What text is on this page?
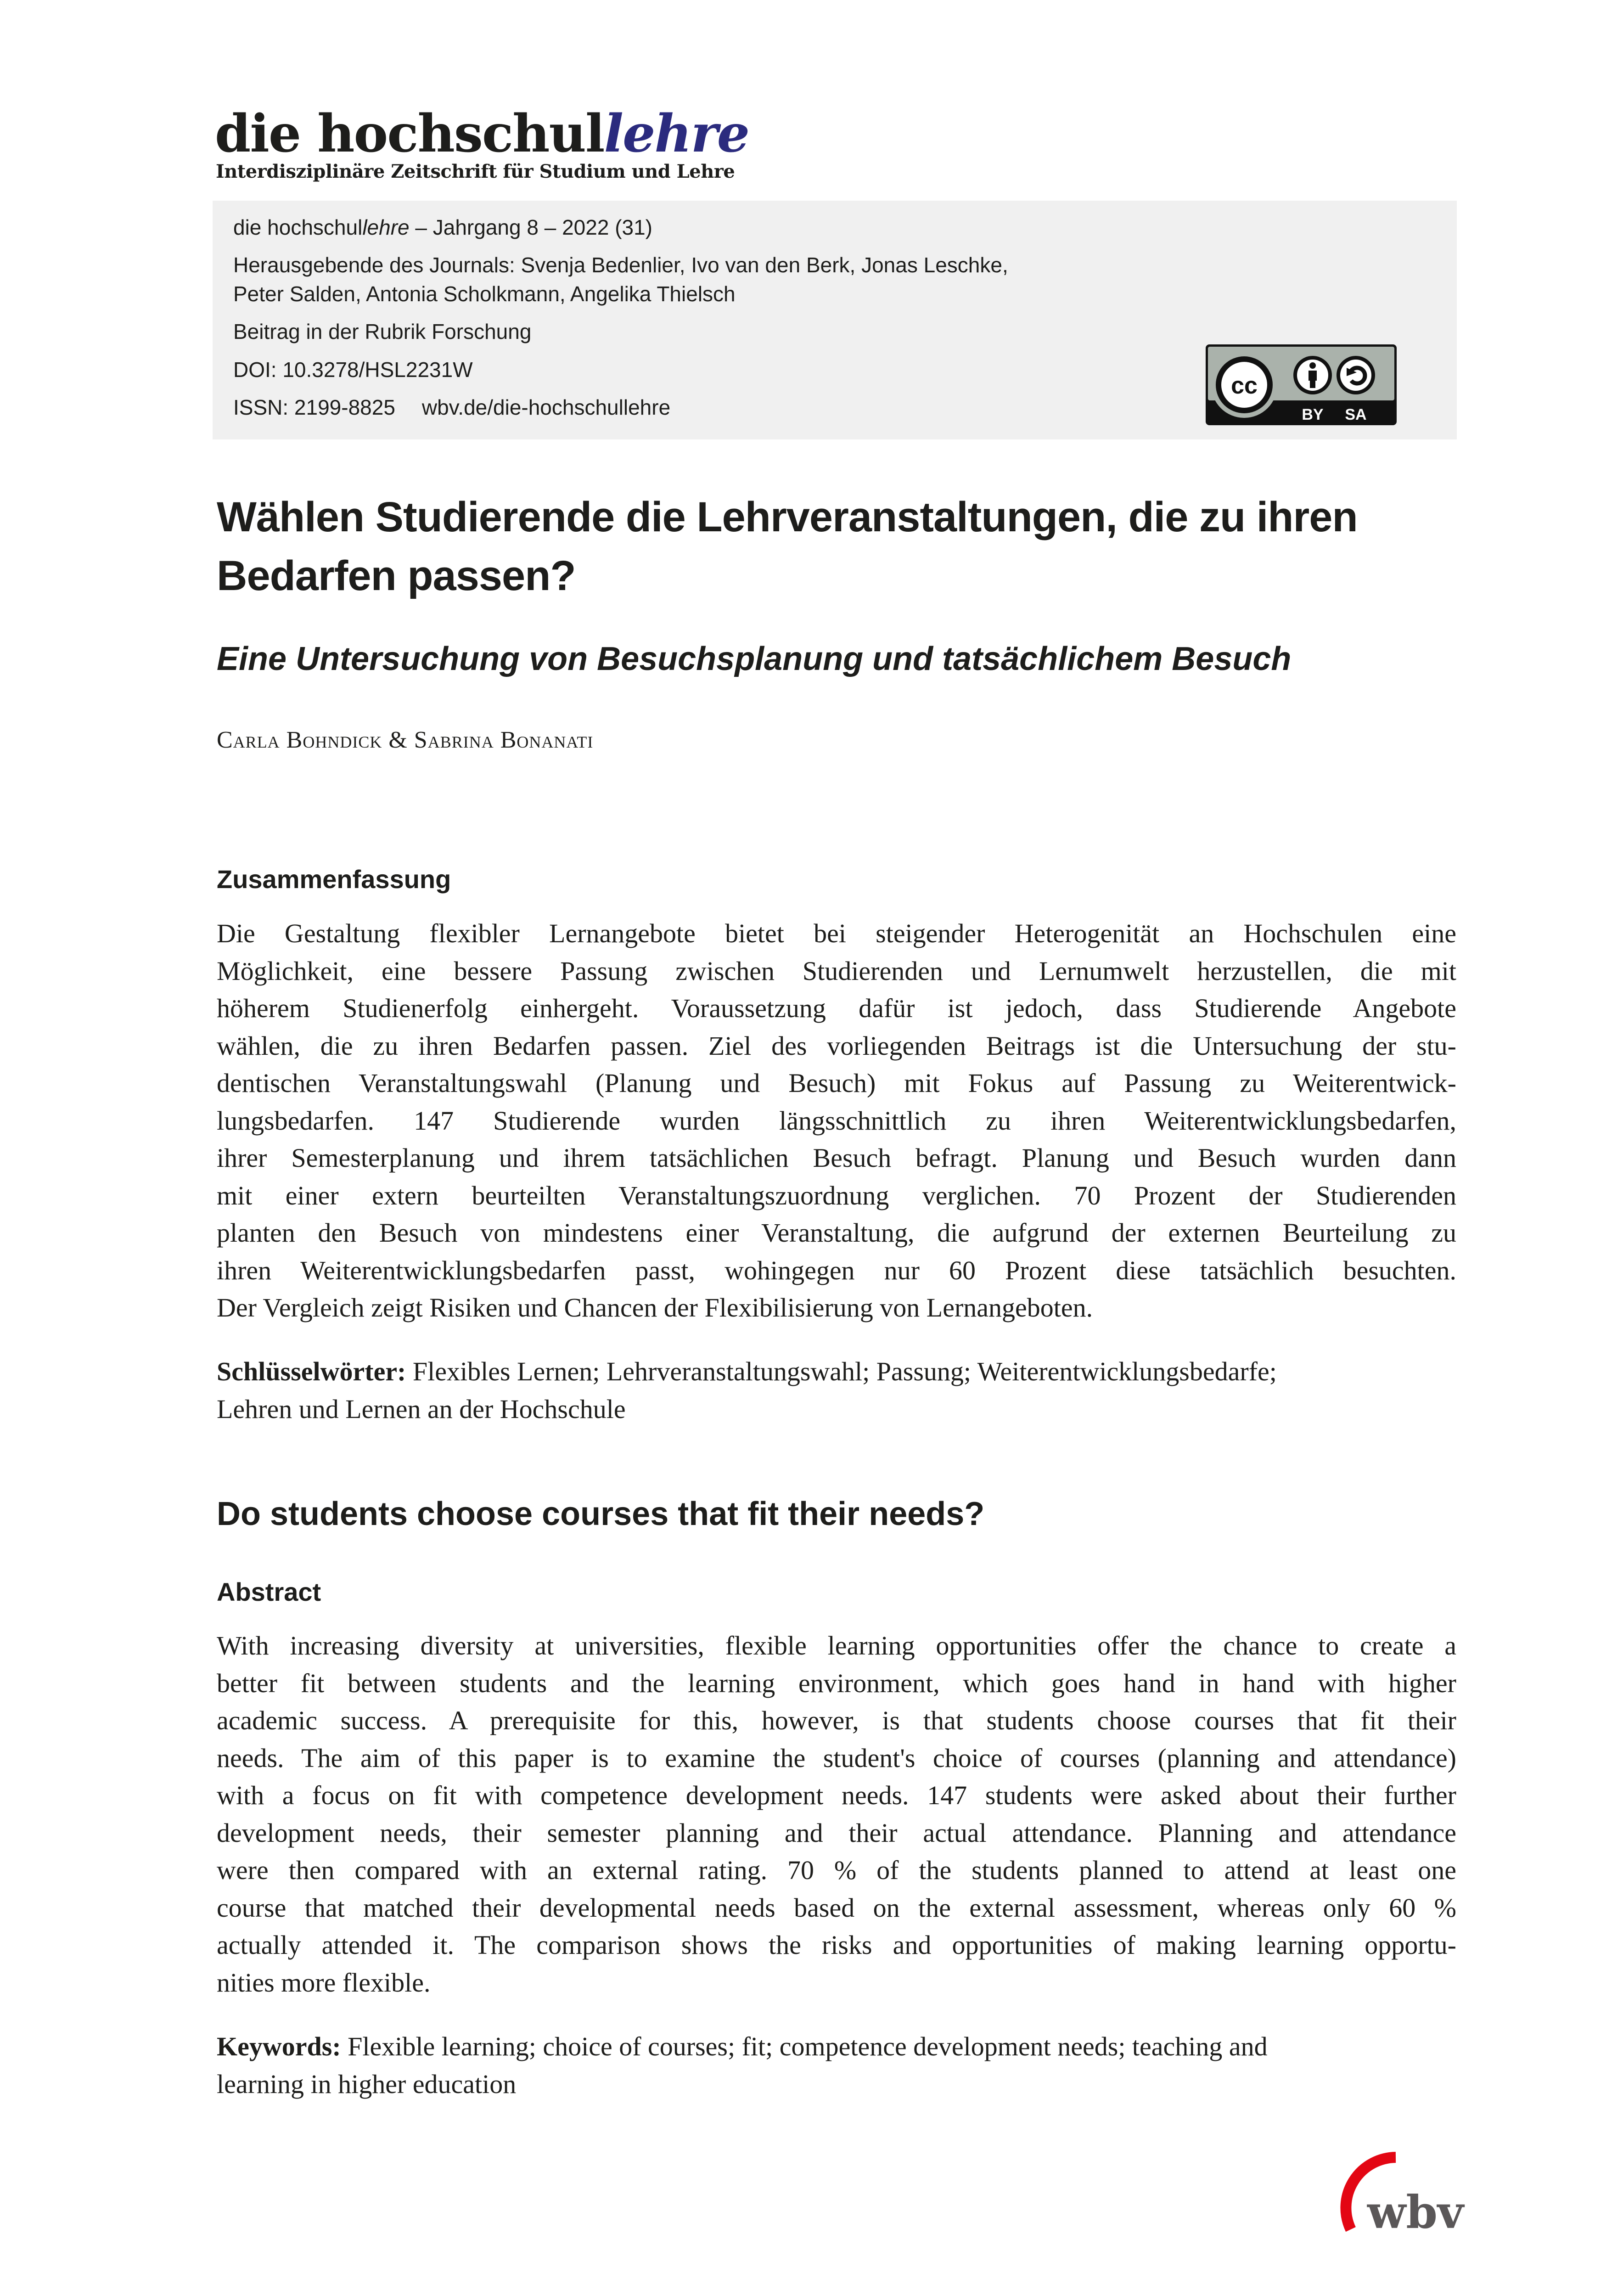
die hochschullehre
Interdisziplinäre Zeitschrift für Studium und Lehre
die hochschullehre – Jahrgang 8 – 2022 (31)
Herausgebende des Journals: Svenja Bedenlier, Ivo van den Berk, Jonas Leschke,
Peter Salden, Antonia Scholkmann, Angelika Thielsch
Beitrag in der Rubrik Forschung
DOI: 10.3278/HSL2231W
ISSN: 2199-8825 wbv.de/die-hochschullehre
cc
BY SA
Wählen Studierende die Lehrveranstaltungen, die zu ihren Bedarfen passen?
Eine Untersuchung von Besuchsplanung und tatsächlichem Besuch
Carla Bohndick & Sabrina Bonanati
Zusammenfassung
Die Gestaltung flexibler Lernangebote bietet bei steigender Heterogenität an Hochschulen eine
Möglichkeit, eine bessere Passung zwischen Studierenden und Lernumwelt herzustellen, die mit
höherem Studienerfolg einhergeht. Voraussetzung dafür ist jedoch, dass Studierende Angebote
wählen, die zu ihren Bedarfen passen. Ziel des vorliegenden Beitrags ist die Untersuchung der stu-
dentischen Veranstaltungswahl (Planung und Besuch) mit Fokus auf Passung zu Weiterentwick-
lungsbedarfen. 147 Studierende wurden längsschnittlich zu ihren Weiterentwicklungsbedarfen,
ihrer Semesterplanung und ihrem tatsächlichen Besuch befragt. Planung und Besuch wurden dann
mit einer extern beurteilten Veranstaltungszuordnung verglichen. 70 Prozent der Studierenden
planten den Besuch von mindestens einer Veranstaltung, die aufgrund der externen Beurteilung zu
ihren Weiterentwicklungsbedarfen passt, wohingegen nur 60 Prozent diese tatsächlich besuchten.
Der Vergleich zeigt Risiken und Chancen der Flexibilisierung von Lernangeboten.
Schlüsselwörter: Flexibles Lernen; Lehrveranstaltungswahl; Passung; Weiterentwicklungsbedarfe;
Lehren und Lernen an der Hochschule
Do students choose courses that fit their needs?
Abstract
With increasing diversity at universities, flexible learning opportunities offer the chance to create a
better fit between students and the learning environment, which goes hand in hand with higher
academic success. A prerequisite for this, however, is that students choose courses that fit their
needs. The aim of this paper is to examine the student's choice of courses (planning and attendance)
with a focus on fit with competence development needs. 147 students were asked about their further
development needs, their semester planning and their actual attendance. Planning and attendance
were then compared with an external rating. 70 % of the students planned to attend at least one
course that matched their developmental needs based on the external assessment, whereas only 60 %
actually attended it. The comparison shows the risks and opportunities of making learning opportu-
nities more flexible.
Keywords: Flexible learning; choice of courses; fit; competence development needs; teaching and
learning in higher education
wbv
